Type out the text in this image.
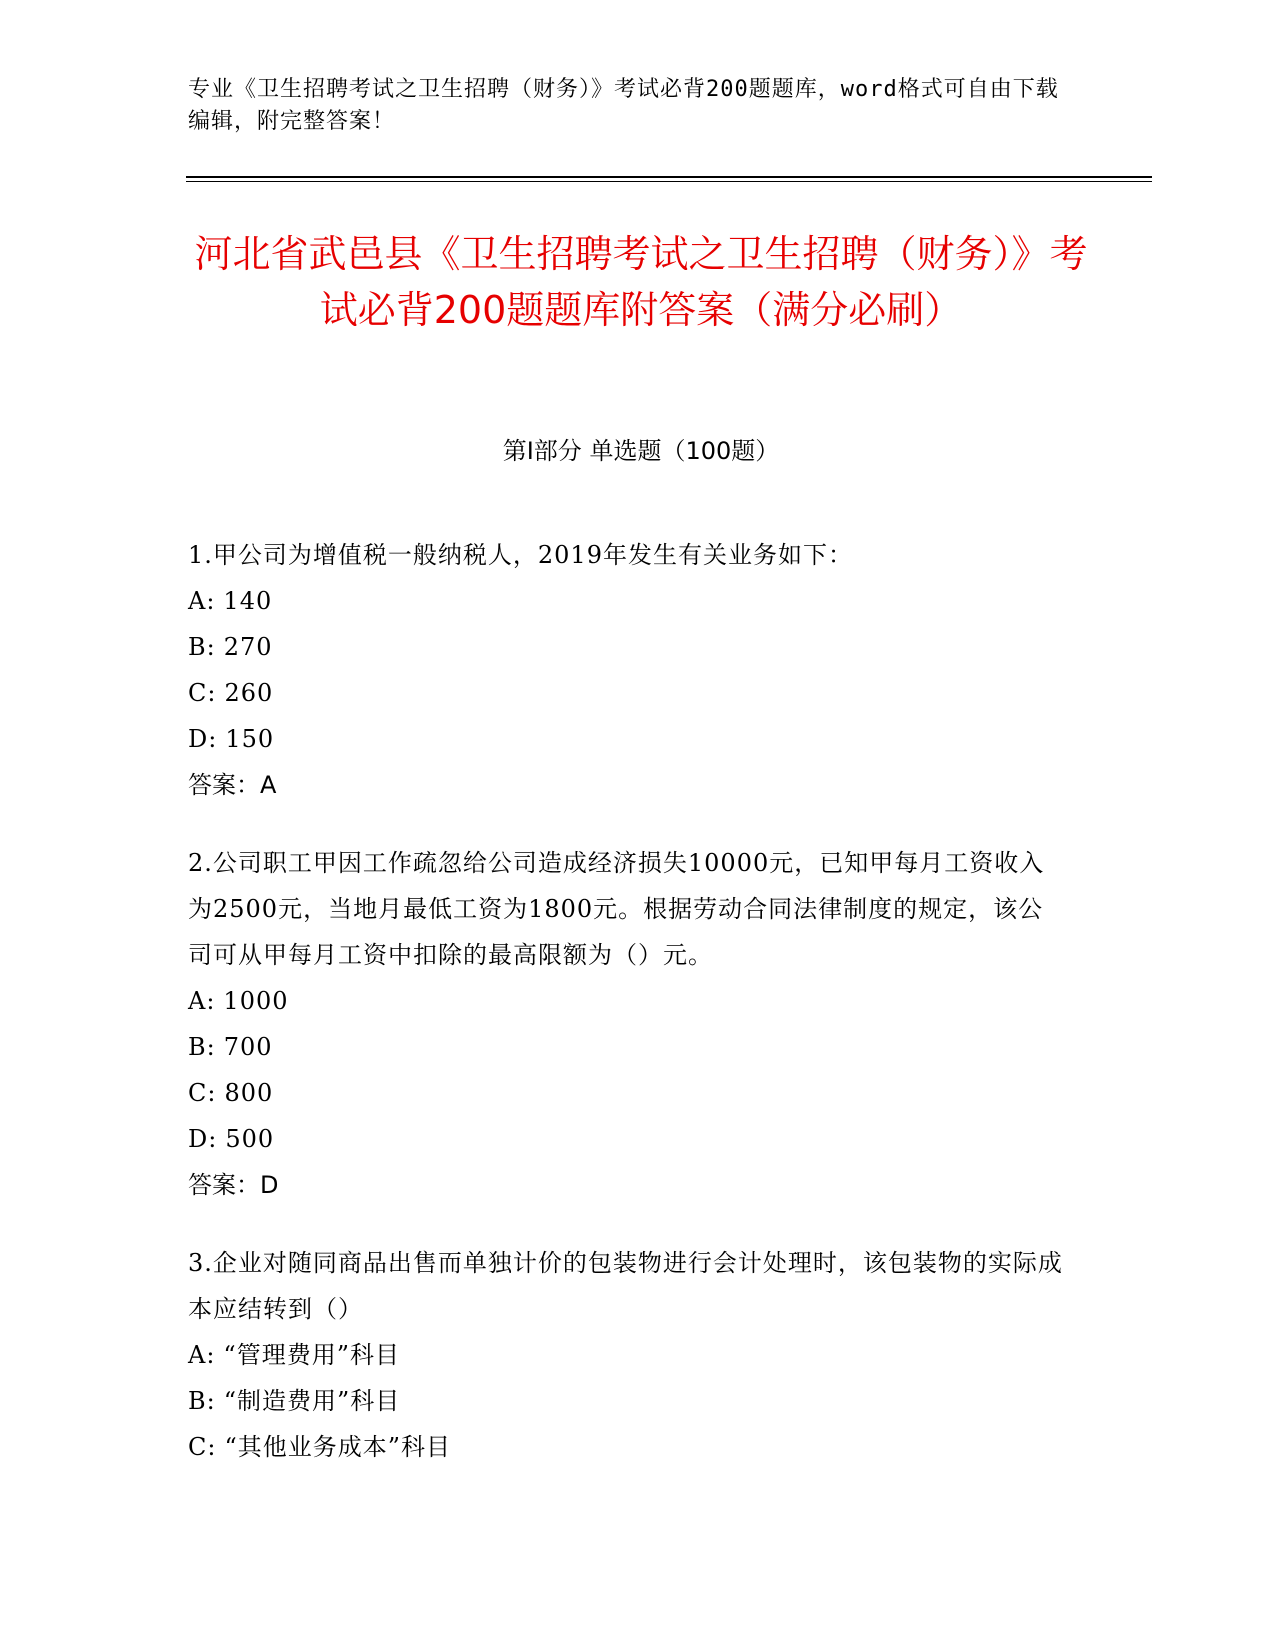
专业《卫生招聘考试之卫生招聘（财务）》考试必背200题题库，word格式可自由下载编辑，附完整答案！
河北省武邑县《卫生招聘考试之卫生招聘（财务）》考试必背200题题库附答案（满分必刷）
第I部分 单选题（100题）
1.甲公司为增值税一般纳税人，2019年发生有关业务如下：
A: 140
B: 270
C: 260
D: 150
答案：A
2.公司职工甲因工作疏忽给公司造成经济损失10000元，已知甲每月工资收入为2500元，当地月最低工资为1800元。根据劳动合同法律制度的规定，该公司可从甲每月工资中扣除的最高限额为（）元。
A: 1000
B: 700
C: 800
D: 500
答案：D
3.企业对随同商品出售而单独计价的包装物进行会计处理时，该包装物的实际成本应结转到（）
A: “管理费用”科目
B: “制造费用”科目
C: “其他业务成本”科目
